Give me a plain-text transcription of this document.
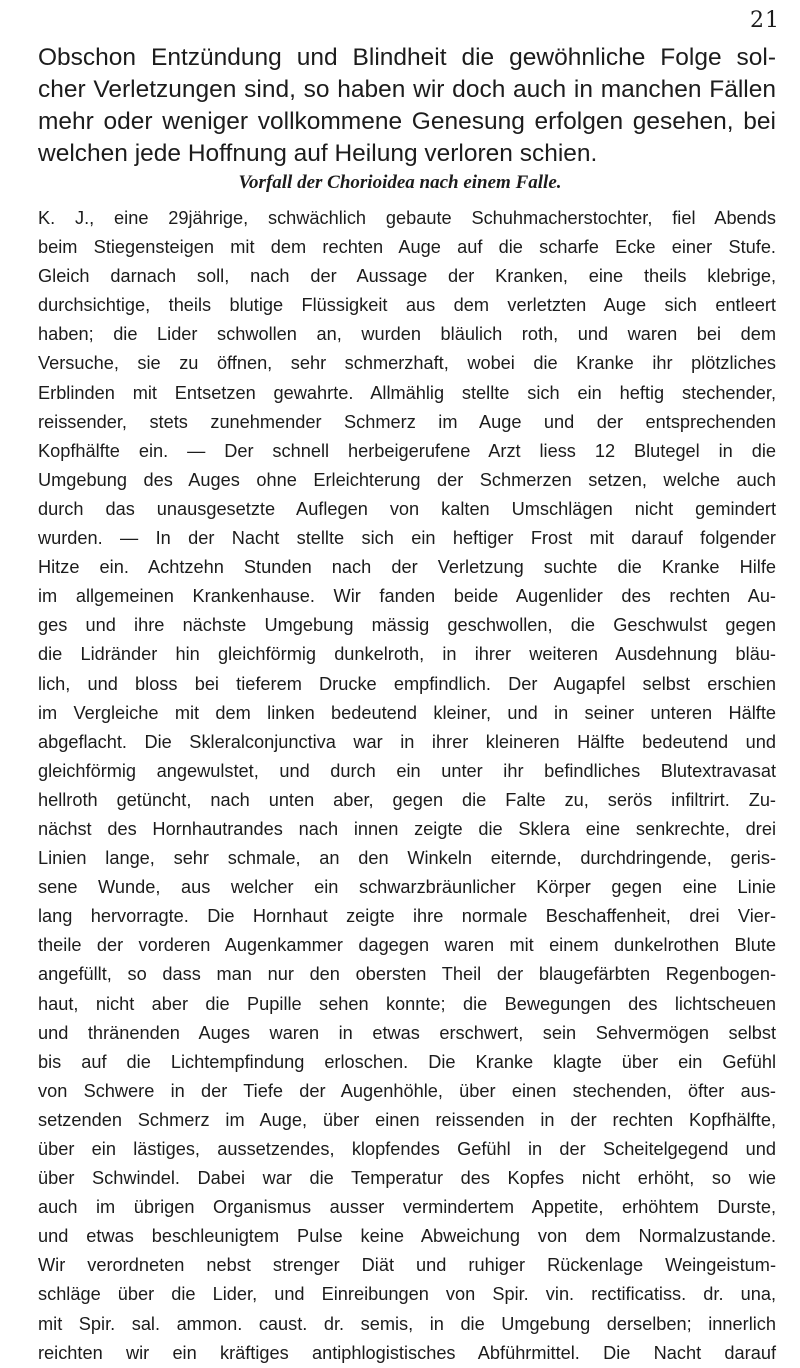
21

Obschon Entzündung und Blindheit die gewöhnliche Folge sol-
cher Verletzungen sind, so haben wir doch auch in manchen Fällen
mehr oder weniger vollkommene Genesung erfolgen gesehen, bei
welchen jede Hoffnung auf Heilung verloren schien.

Vorfall der Chorioidea nach einem Falle.

K. J., eine 29jährige, schwächlich gebaute Schuhmacherstochter, fiel Abends
beim Stiegensteigen mit dem rechten Auge auf die scharfe Ecke einer Stufe.
Gleich darnach soll, nach der Aussage der Kranken, eine theils klebrige,
durchsichtige, theils blutige Flüssigkeit aus dem verletzten Auge sich entleert
haben; die Lider schwollen an, wurden bläulich roth, und waren bei dem
Versuche, sie zu öffnen, sehr schmerzhaft, wobei die Kranke ihr plötzliches
Erblinden mit Entsetzen gewahrte. Allmählig stellte sich ein heftig stechender,
reissender, stets zunehmender Schmerz im Auge und der entsprechenden
Kopfhälfte ein. — Der schnell herbeigerufene Arzt liess 12 Blutegel in die
Umgebung des Auges ohne Erleichterung der Schmerzen setzen, welche auch
durch das unausgesetzte Auflegen von kalten Umschlägen nicht gemindert
wurden. — In der Nacht stellte sich ein heftiger Frost mit darauf folgender
Hitze ein. Achtzehn Stunden nach der Verletzung suchte die Kranke Hilfe
im allgemeinen Krankenhause. Wir fanden beide Augenlider des rechten Au-
ges und ihre nächste Umgebung mässig geschwollen, die Geschwulst gegen
die Lidränder hin gleichförmig dunkelroth, in ihrer weiteren Ausdehnung bläu-
lich, und bloss bei tieferem Drucke empfindlich. Der Augapfel selbst erschien
im Vergleiche mit dem linken bedeutend kleiner, und in seiner unteren Hälfte
abgeflacht. Die Skleralconjunctiva war in ihrer kleineren Hälfte bedeutend und
gleichförmig angewulstet, und durch ein unter ihr befindliches Blutextravasat
hellroth getüncht, nach unten aber, gegen die Falte zu, serös infiltrirt. Zu-
nächst des Hornhautrandes nach innen zeigte die Sklera eine senkrechte, drei
Linien lange, sehr schmale, an den Winkeln eiternde, durchdringende, geris-
sene Wunde, aus welcher ein schwarzbräunlicher Körper gegen eine Linie
lang hervorragte. Die Hornhaut zeigte ihre normale Beschaffenheit, drei Vier-
theile der vorderen Augenkammer dagegen waren mit einem dunkelrothen Blute
angefüllt, so dass man nur den obersten Theil der blaugefärbten Regenbogen-
haut, nicht aber die Pupille sehen konnte; die Bewegungen des lichtscheuen
und thränenden Auges waren in etwas erschwert, sein Sehvermögen selbst
bis auf die Lichtempfindung erloschen. Die Kranke klagte über ein Gefühl
von Schwere in der Tiefe der Augenhöhle, über einen stechenden, öfter aus-
setzenden Schmerz im Auge, über einen reissenden in der rechten Kopfhälfte,
über ein lästiges, aussetzendes, klopfendes Gefühl in der Scheitelgegend und
über Schwindel. Dabei war die Temperatur des Kopfes nicht erhöht, so wie
auch im übrigen Organismus ausser vermindertem Appetite, erhöhtem Durste,
und etwas beschleunigtem Pulse keine Abweichung von dem Normalzustande.
Wir verordneten nebst strenger Diät und ruhiger Rückenlage Weingeistum-
schläge über die Lider, und Einreibungen von Spir. vin. rectificatiss. dr. una,
mit Spir. sal. ammon. caust. dr. semis, in die Umgebung derselben; innerlich
reichten wir ein kräftiges antiphlogistisches Abführmittel. Die Nacht darauf
